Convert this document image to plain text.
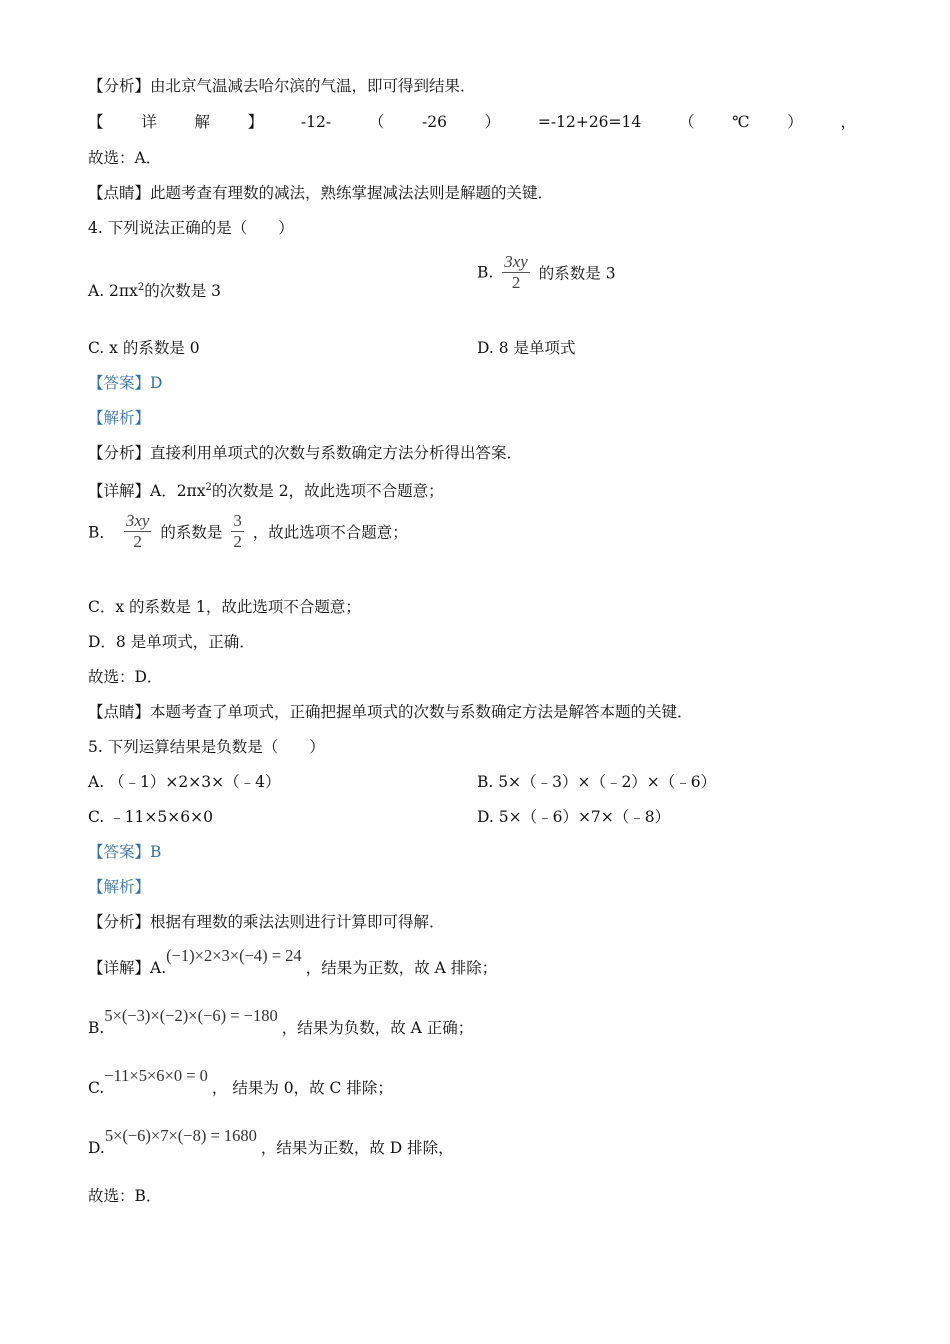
【分析】由北京气温减去哈尔滨的气温，即可得到结果．
【 详 解 】 -12- （ -26 ） =-12+26=14 （ ℃ ） ，
故选：A．
【点睛】此题考查有理数的减法，熟练掌握减法法则是解题的关键．
4. 下列说法正确的是（　　）
A. $2\pi x^2$的次数是 3
B. $\frac{3xy}{2}$ 的系数是 3
C. x 的系数是 0	D. 8 是单项式
【答案】D
【解析】
【分析】直接利用单项式的次数与系数确定方法分析得出答案．
【详解】A．$2\pi x^2$的次数是 2，故此选项不合题意；
B． $\frac{3xy}{2}$ 的系数是 $\frac{3}{2}$ ，故此选项不合题意；
C．x 的系数是 1，故此选项不合题意；
D．8 是单项式，正确．
故选：D．
【点睛】本题考查了单项式，正确把握单项式的次数与系数确定方法是解答本题的关键．
5. 下列运算结果是负数是（　　）
A. （﹣1）×2×3×（﹣4）	B. 5×（﹣3）×（﹣2）×（﹣6）
C. ﹣11×5×6×0	D. 5×（﹣6）×7×（﹣8）
【答案】B
【解析】
【分析】根据有理数的乘法法则进行计算即可得解．
【详解】A.(−1)×2×3×(−4) = 24，结果为正数，故 A 排除；
B.5×(−3)×(−2)×(−6) = −180，结果为负数，故 A 正确；
C.−11×5×6×0 = 0， 结果为 0，故 C 排除；
D.5×(−6)×7×(−8) = 1680，结果为正数，故 D 排除，
故选：B．
